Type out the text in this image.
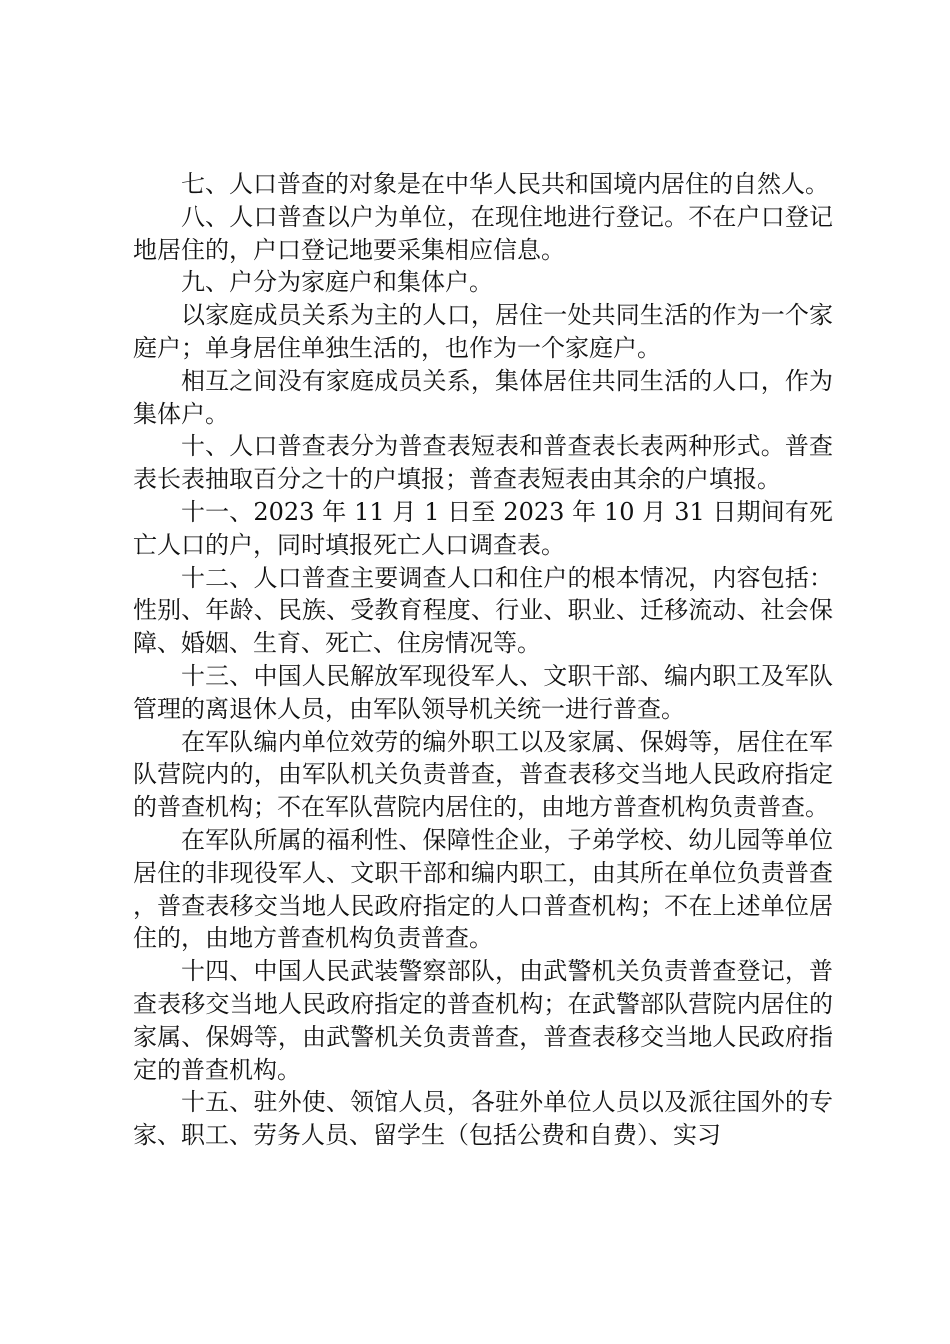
七、人口普查的对象是在中华人民共和国境内居住的自然人。

八、人口普查以户为单位，在现住地进行登记。不在户口登记地居住的，户口登记地要采集相应信息。

九、户分为家庭户和集体户。

以家庭成员关系为主的人口，居住一处共同生活的作为一个家庭户；单身居住单独生活的，也作为一个家庭户。

相互之间没有家庭成员关系，集体居住共同生活的人口，作为集体户。

十、人口普查表分为普查表短表和普查表长表两种形式。普查表长表抽取百分之十的户填报；普查表短表由其余的户填报。

十一、2023 年 11 月 1 日至 2023 年 10 月 31 日期间有死亡人口的户，同时填报死亡人口调查表。

十二、人口普查主要调查人口和住户的根本情况，内容包括：性别、年龄、民族、受教育程度、行业、职业、迁移流动、社会保障、婚姻、生育、死亡、住房情况等。

十三、中国人民解放军现役军人、文职干部、编内职工及军队管理的离退休人员，由军队领导机关统一进行普查。

在军队编内单位效劳的编外职工以及家属、保姆等，居住在军队营院内的，由军队机关负责普查，普查表移交当地人民政府指定的普查机构；不在军队营院内居住的，由地方普查机构负责普查。

在军队所属的福利性、保障性企业，子弟学校、幼儿园等单位居住的非现役军人、文职干部和编内职工，由其所在单位负责普查，普查表移交当地人民政府指定的人口普查机构；不在上述单位居住的，由地方普查机构负责普查。

十四、中国人民武装警察部队，由武警机关负责普查登记，普查表移交当地人民政府指定的普查机构；在武警部队营院内居住的家属、保姆等，由武警机关负责普查，普查表移交当地人民政府指定的普查机构。

十五、驻外使、领馆人员，各驻外单位人员以及派往国外的专家、职工、劳务人员、留学生（包括公费和自费）、实习
